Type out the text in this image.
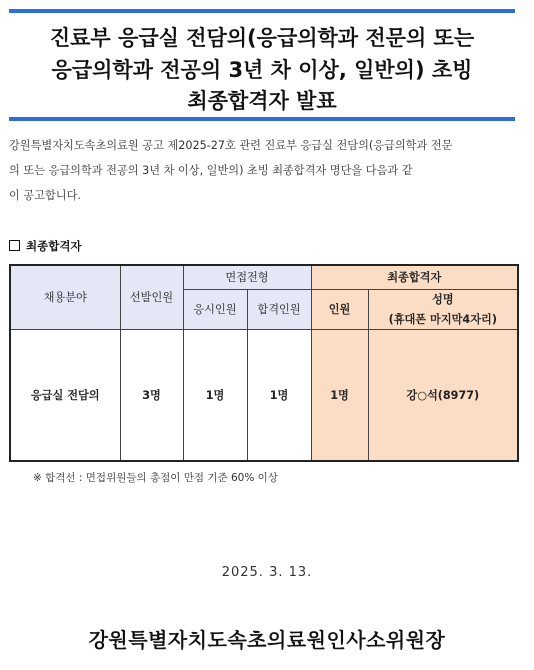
진료부 응급실 전담의(응급의학과 전문의 또는
응급의학과 전공의 3년 차 이상, 일반의) 초빙
최종합격자 발표
강원특별자치도속초의료원 공고 제2025-27호 관련 진료부 응급실 전담의(응급의학과 전문
의 또는 응급의학과 전공의 3년 차 이상, 일반의) 초빙 최종합격자 명단을 다음과 같
이 공고합니다.
최종합격자
채용분야	선발인원	면접전형		최종합격자	
		응시인원	합격인원	인원	성명
					(휴대폰 마지막4자리)
응급실 전담의	3명	1명	1명	1명	강○석(8977)
※ 합격선 : 면접위원들의 총점이 만점 기준 60% 이상
2025. 3. 13.
강원특별자치도속초의료원인사소위원장
